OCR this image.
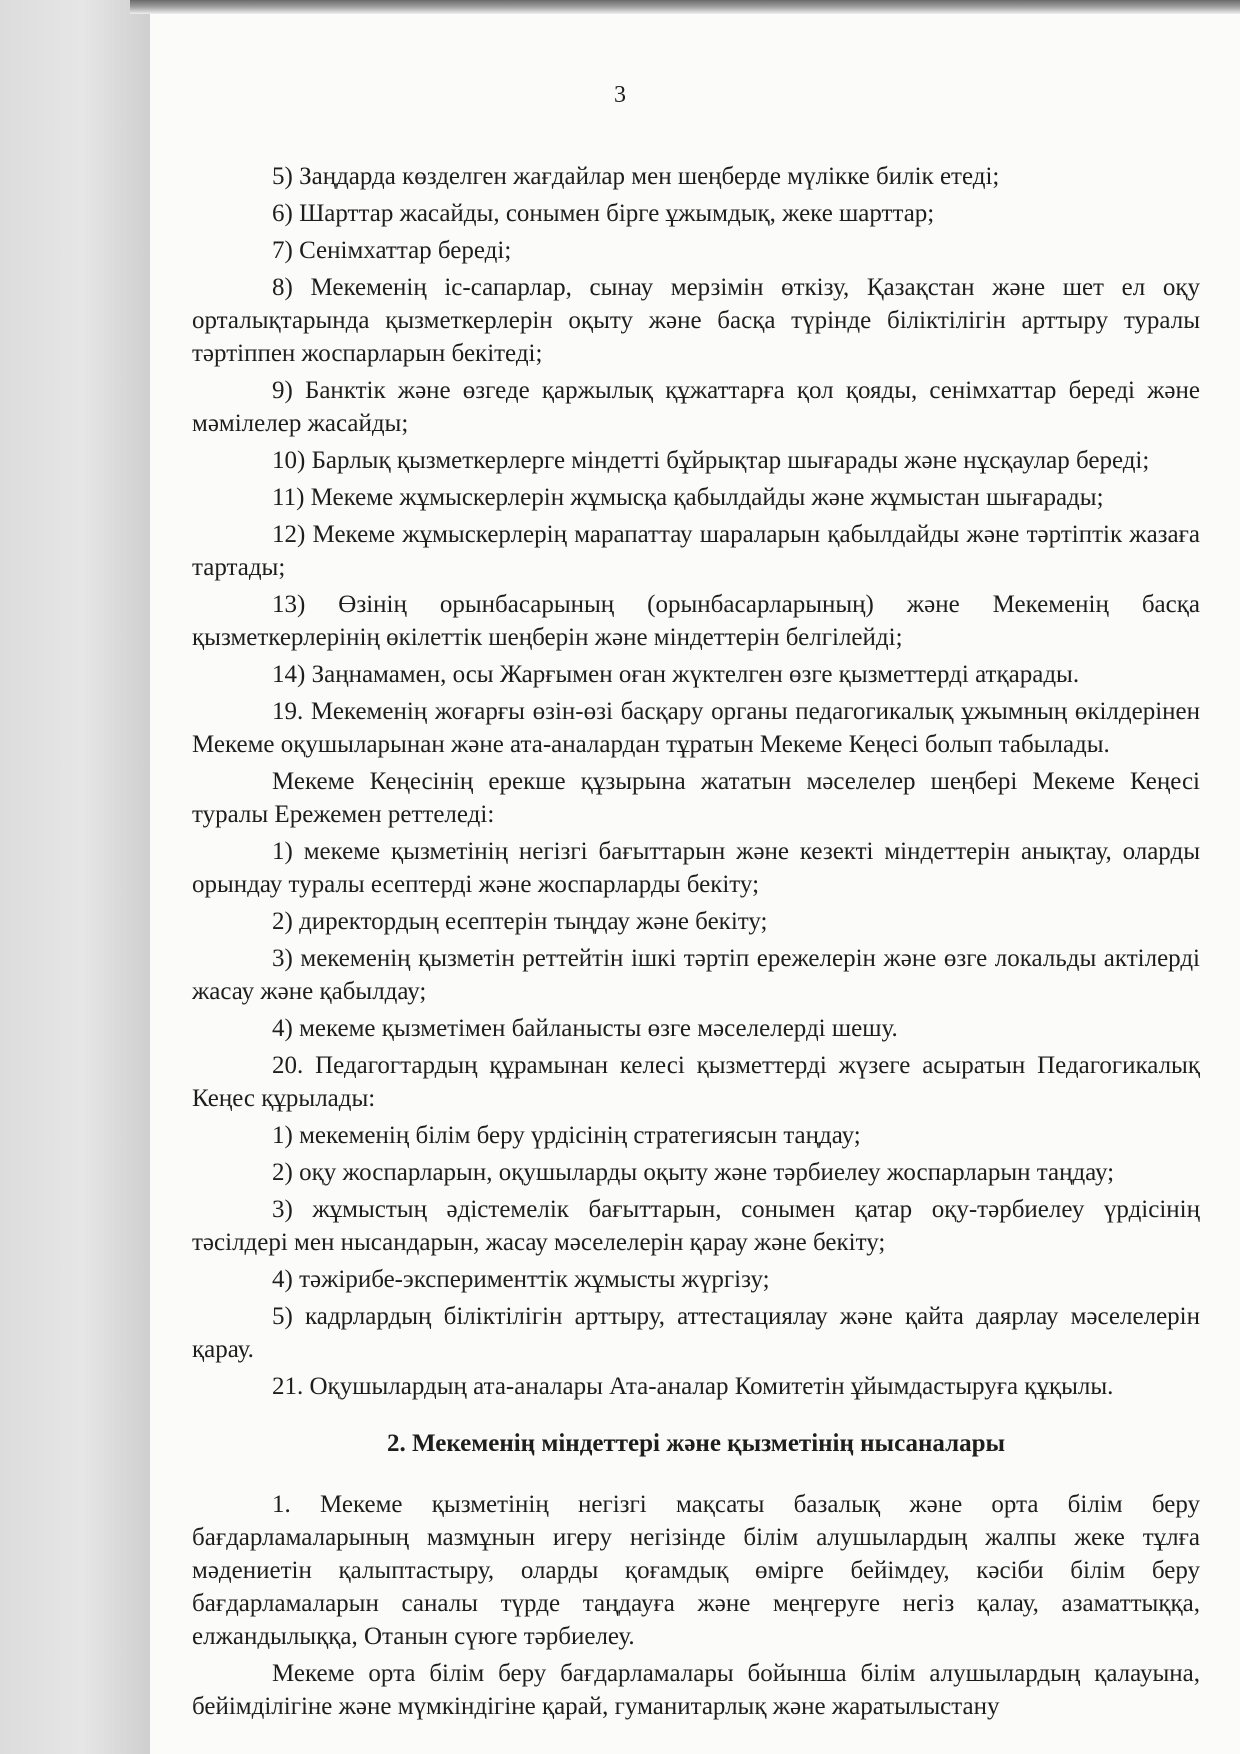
3

5) Заңдарда көзделген жағдайлар мен шеңберде мүлікке билік етеді;

6) Шарттар жасайды, сонымен бірге ұжымдық, жеке шарттар;

7) Сенімхаттар береді;

8) Мекеменің іс-сапарлар, сынау мерзімін өткізу, Қазақстан және шет ел оқу орталықтарында қызметкерлерін оқыту және басқа түрінде біліктілігін арттыру туралы тәртіппен жоспарларын бекітеді;

9) Банктік және өзгеде қаржылық құжаттарға қол қояды, сенімхаттар береді және мәмілелер жасайды;

10) Барлық қызметкерлерге міндетті бұйрықтар шығарады және нұсқаулар береді;

11) Мекеме жұмыскерлерін жұмысқа қабылдайды және жұмыстан шығарады;

12) Мекеме жұмыскерлерің марапаттау шараларын қабылдайды және тәртіптік жазаға тартады;

13) Өзінің орынбасарының (орынбасарларының) және Мекеменің басқа қызметкерлерінің өкілеттік шеңберін және міндеттерін белгілейді;

14) Заңнамамен, осы Жарғымен оған жүктелген өзге қызметтерді атқарады.

19. Мекеменің жоғарғы өзін-өзі басқару органы педагогикалық ұжымның өкілдерінен Мекеме оқушыларынан және ата-аналардан тұратын Мекеме Кеңесі болып табылады.

Мекеме Кеңесінің ерекше құзырына жататын мәселелер шеңбері Мекеме Кеңесі туралы Ережемен реттеледі:

1) мекеме қызметінің негізгі бағыттарын және кезекті міндеттерін анықтау, оларды орындау туралы есептерді және жоспарларды бекіту;

2) директордың есептерін тыңдау және бекіту;

3) мекеменің қызметін реттейтін ішкі тәртіп ережелерін және өзге локальды актілерді жасау және қабылдау;

4) мекеме қызметімен байланысты өзге мәселелерді шешу.

20. Педагогтардың құрамынан келесі қызметтерді жүзеге асыратын Педагогикалық Кеңес құрылады:

1) мекеменің білім беру үрдісінің стратегиясын таңдау;

2) оқу жоспарларын, оқушыларды оқыту және тәрбиелеу жоспарларын таңдау;

3) жұмыстың әдістемелік бағыттарын, сонымен қатар оқу-тәрбиелеу үрдісінің тәсілдері мен нысандарын, жасау мәселелерін қарау және бекіту;

4) тәжірибе-эксперименттік жұмысты жүргізу;

5) кадрлардың біліктілігін арттыру, аттестациялау және қайта даярлау мәселелерін қарау.

21. Оқушылардың ата-аналары Ата-аналар Комитетін ұйымдастыруға құқылы.

2. Мекеменің міндеттері және қызметінің нысаналары

1. Мекеме қызметінің негізгі мақсаты базалық және орта білім беру бағдарламаларының мазмұнын игеру негізінде білім алушылардың жалпы жеке тұлға мәдениетін қалыптастыру, оларды қоғамдық өмірге бейімдеу, кәсіби білім беру бағдарламаларын саналы түрде таңдауға және меңгеруге негіз қалау, азаматтыққа, елжандылыққа, Отанын сүюге тәрбиелеу.

Мекеме орта білім беру бағдарламалары бойынша білім алушылардың қалауына, бейімділігіне және мүмкіндігіне қарай, гуманитарлық және жаратылыстану
